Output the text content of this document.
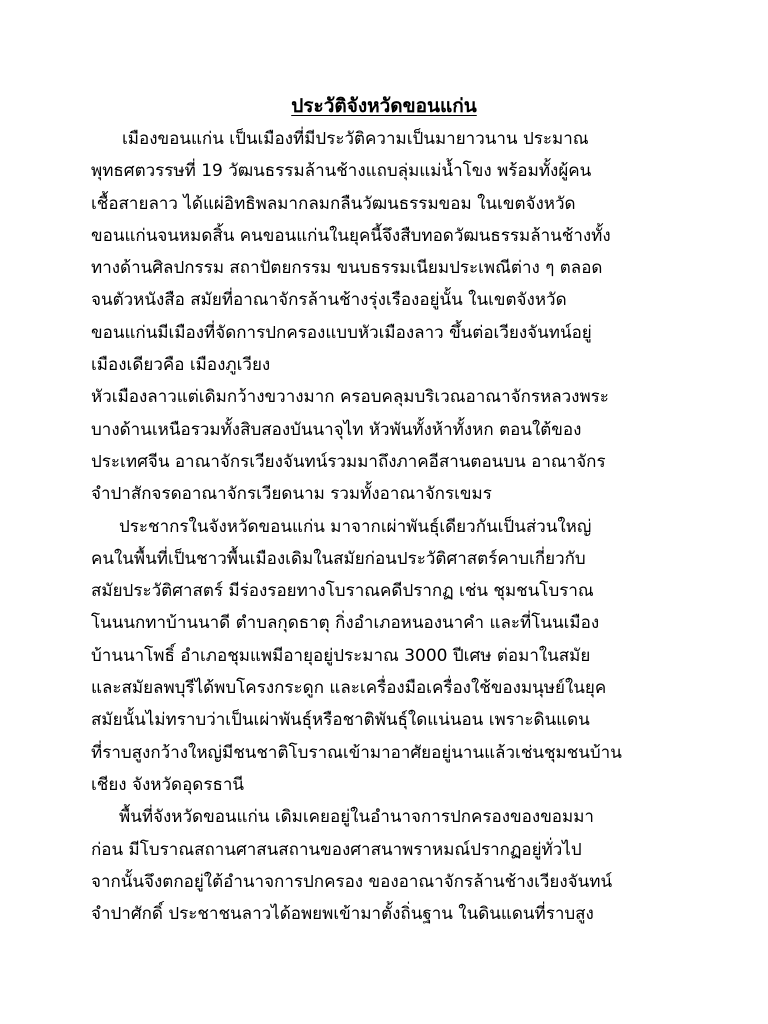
ประวัติจังหวัดขอนแก่น
เมืองขอนแก่น เป็นเมืองที่มีประวัติความเป็นมายาวนาน ประมาณ
พุทธศตวรรษที่ 19 วัฒนธรรมล้านช้างแถบลุ่มแม่น้ำโขง พร้อมทั้งผู้คน
เชื้อสายลาว ได้แผ่อิทธิพลมากลมกลืนวัฒนธรรมขอม ในเขตจังหวัด
ขอนแก่นจนหมดสิ้น คนขอนแก่นในยุคนี้จึงสืบทอดวัฒนธรรมล้านช้างทั้ง
ทางด้านศิลปกรรม สถาปัตยกรรม ขนบธรรมเนียมประเพณีต่าง ๆ ตลอด
จนตัวหนังสือ สมัยที่อาณาจักรล้านช้างรุ่งเรืองอยู่นั้น ในเขตจังหวัด
ขอนแก่นมีเมืองที่จัดการปกครองแบบหัวเมืองลาว ขึ้นต่อเวียงจันทน์อยู่
เมืองเดียวคือ เมืองภูเวียง
หัวเมืองลาวแต่เดิมกว้างขวางมาก ครอบคลุมบริเวณอาณาจักรหลวงพระ
บางด้านเหนือรวมทั้งสิบสองบันนาจุไท หัวพันทั้งห้าทั้งหก ตอนใต้ของ
ประเทศจีน อาณาจักรเวียงจันทน์รวมมาถึงภาคอีสานตอนบน อาณาจักร
จำปาสักจรดอาณาจักรเวียดนาม รวมทั้งอาณาจักรเขมร
ประชากรในจังหวัดขอนแก่น มาจากเผ่าพันธุ์เดียวกันเป็นส่วนใหญ่
คนในพื้นที่เป็นชาวพื้นเมืองเดิมในสมัยก่อนประวัติศาสตร์คาบเกี่ยวกับ
สมัยประวัติศาสตร์ มีร่องรอยทางโบราณคดีปรากฏ เช่น ชุมชนโบราณ
โนนนกทาบ้านนาดี ตำบลกุดธาตุ กิ่งอำเภอหนองนาคำ และที่โนนเมือง
บ้านนาโพธิ์ อำเภอชุมแพมีอายุอยู่ประมาณ 3000 ปีเศษ ต่อมาในสมัย
และสมัยลพบุรีได้พบโครงกระดูก และเครื่องมือเครื่องใช้ของมนุษย์ในยุค
สมัยนั้นไม่ทราบว่าเป็นเผ่าพันธุ์หรือชาติพันธุ์ใดแน่นอน เพราะดินแดน
ที่ราบสูงกว้างใหญ่มีชนชาติโบราณเข้ามาอาศัยอยู่นานแล้วเช่นชุมชนบ้าน
เชียง จังหวัดอุดรธานี
พื้นที่จังหวัดขอนแก่น เดิมเคยอยู่ในอำนาจการปกครองของขอมมา
ก่อน มีโบราณสถานศาสนสถานของศาสนาพราหมณ์ปรากฏอยู่ทั่วไป
จากนั้นจึงตกอยู่ใต้อำนาจการปกครอง ของอาณาจักรล้านช้างเวียงจันทน์
จำปาศักดิ์ ประชาชนลาวได้อพยพเข้ามาตั้งถิ่นฐาน ในดินแดนที่ราบสูง
